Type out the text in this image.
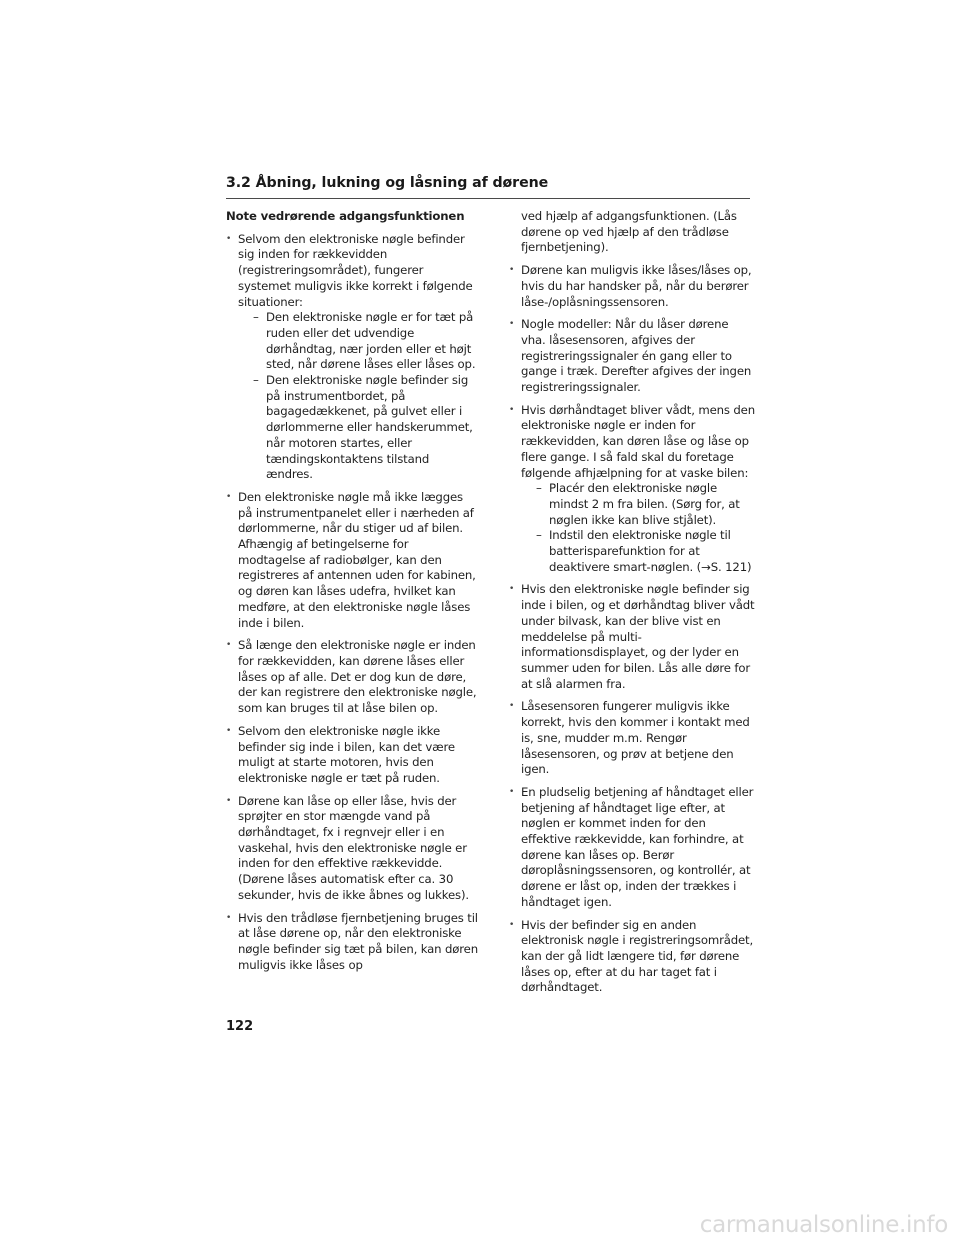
3.2 Åbning, lukning og låsning af dørene

Note vedrørende adgangsfunktionen

• Selvom den elektroniske nøgle befinder sig inden for rækkevidden (registreringsområdet), fungerer systemet muligvis ikke korrekt i følgende situationer:
– Den elektroniske nøgle er for tæt på ruden eller det udvendige dørhåndtag, nær jorden eller et højt sted, når dørene låses eller låses op.
– Den elektroniske nøgle befinder sig på instrumentbordet, på bagagedækkenet, på gulvet eller i dørlommerne eller handskerummet, når motoren startes, eller tændingskontaktens tilstand ændres.
• Den elektroniske nøgle må ikke lægges på instrumentpanelet eller i nærheden af dørlommerne, når du stiger ud af bilen. Afhængig af betingelserne for modtagelse af radiobølger, kan den registreres af antennen uden for kabinen, og døren kan låses udefra, hvilket kan medføre, at den elektroniske nøgle låses inde i bilen.
• Så længe den elektroniske nøgle er inden for rækkevidden, kan dørene låses eller låses op af alle. Det er dog kun de døre, der kan registrere den elektroniske nøgle, som kan bruges til at låse bilen op.
• Selvom den elektroniske nøgle ikke befinder sig inde i bilen, kan det være muligt at starte motoren, hvis den elektroniske nøgle er tæt på ruden.
• Dørene kan låse op eller låse, hvis der sprøjter en stor mængde vand på dørhåndtaget, fx i regnvejr eller i en vaskehal, hvis den elektroniske nøgle er inden for den effektive rækkevidde. (Dørene låses automatisk efter ca. 30 sekunder, hvis de ikke åbnes og lukkes).
• Hvis den trådløse fjernbetjening bruges til at låse dørene op, når den elektroniske nøgle befinder sig tæt på bilen, kan døren muligvis ikke låses op
ved hjælp af adgangsfunktionen. (Lås dørene op ved hjælp af den trådløse fjernbetjening).
• Dørene kan muligvis ikke låses/låses op, hvis du har handsker på, når du berører låse-/oplåsningssensoren.
• Nogle modeller: Når du låser dørene vha. låsesensoren, afgives der registreringssignaler én gang eller to gange i træk. Derefter afgives der ingen registreringssignaler.
• Hvis dørhåndtaget bliver vådt, mens den elektroniske nøgle er inden for rækkevidden, kan døren låse og låse op flere gange. I så fald skal du foretage følgende afhjælpning for at vaske bilen:
– Placér den elektroniske nøgle mindst 2 m fra bilen. (Sørg for, at nøglen ikke kan blive stjålet).
– Indstil den elektroniske nøgle til batterisparefunktion for at deaktivere smart-nøglen. (→S. 121)
• Hvis den elektroniske nøgle befinder sig inde i bilen, og et dørhåndtag bliver vådt under bilvask, kan der blive vist en meddelelse på multi-informationsdisplayet, og der lyder en summer uden for bilen. Lås alle døre for at slå alarmen fra.
• Låsesensoren fungerer muligvis ikke korrekt, hvis den kommer i kontakt med is, sne, mudder m.m. Rengør låsesensoren, og prøv at betjene den igen.
• En pludselig betjening af håndtaget eller betjening af håndtaget lige efter, at nøglen er kommet inden for den effektive rækkevidde, kan forhindre, at dørene kan låses op. Berør døroplåsningssensoren, og kontrollér, at dørene er låst op, inden der trækkes i håndtaget igen.
• Hvis der befinder sig en anden elektronisk nøgle i registreringsområdet, kan der gå lidt længere tid, før dørene låses op, efter at du har taget fat i dørhåndtaget.
122
carmanualsonline.info
